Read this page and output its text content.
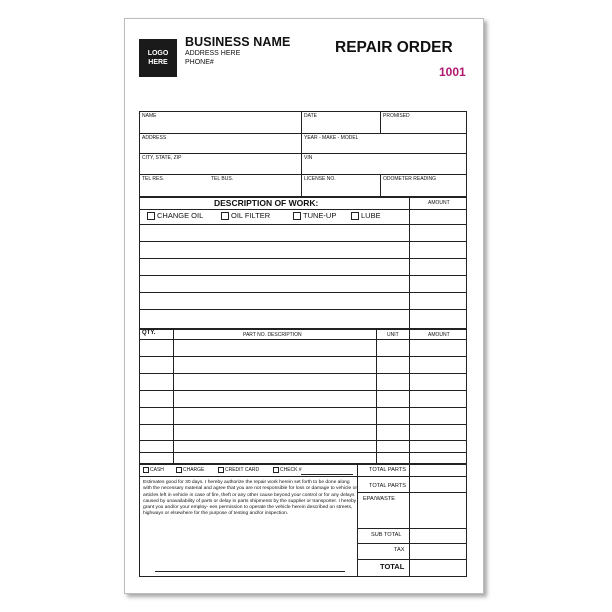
LOGO
HERE
BUSINESS NAME
ADDRESS HERE
PHONE#
REPAIR ORDER
1001
NAME	DATE	PROMISED
ADDRESS	YEAR - MAKE - MODEL
CITY, STATE, ZIP	VIN
TEL RES.	TEL BUS.	LICENSE NO.	ODOMETER READING
DESCRIPTION OF WORK:	AMOUNT
CHANGE OIL	OIL FILTER	TUNE-UP	LUBE
QTY.	PART NO. DESCRIPTION	UNIT	AMOUNT
CASH	CHARGE	CREDIT CARD	CHECK #
Estimates good for 30 days. I hereby authorize the repair work herein set forth to be done along with the necessary material and agree that you are not responsible for loss or damage to vehicle or articles left in vehicle in case of fire, theft or any other cause beyond your control or for any delays caused by unavailability of parts or delay in parts shipments by the supplier or transporter. I hereby grant you and/or your employ- ees permission to operate the vehicle herein described on streets, highways or elsewhere for the purpose of testing and/or inspection.
TOTAL PARTS
TOTAL PARTS
EPA/WASTE
SUB TOTAL
TAX
TOTAL
